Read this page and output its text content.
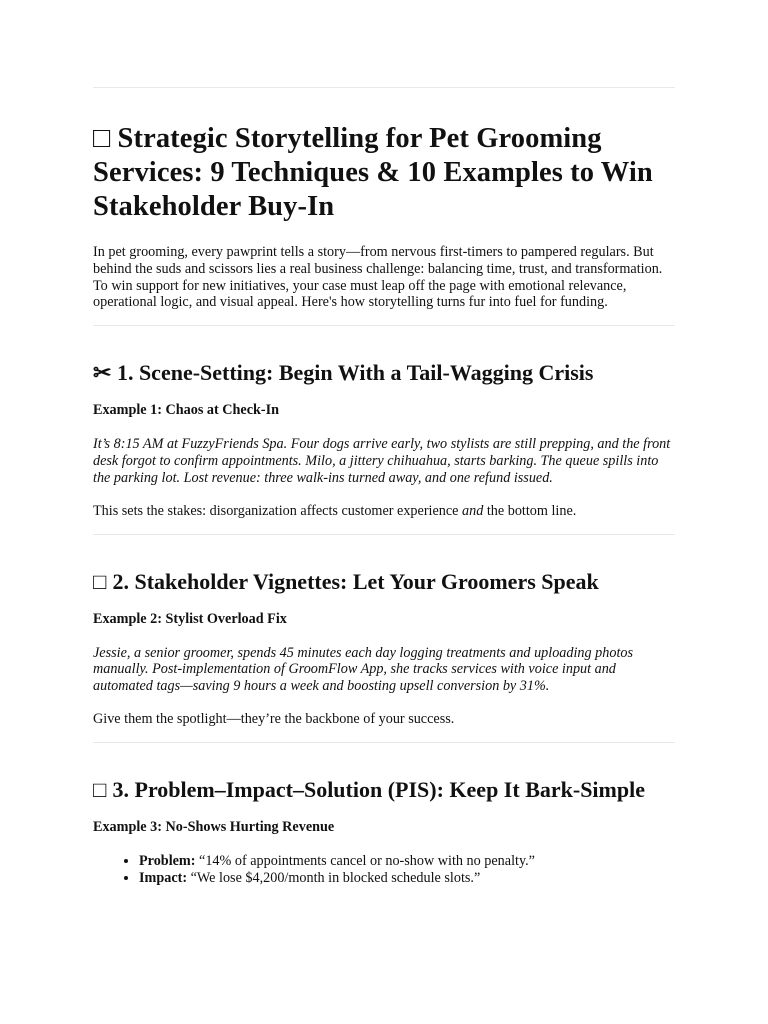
□ Strategic Storytelling for Pet Grooming Services: 9 Techniques & 10 Examples to Win Stakeholder Buy-In

In pet grooming, every pawprint tells a story—from nervous first-timers to pampered regulars. But behind the suds and scissors lies a real business challenge: balancing time, trust, and transformation. To win support for new initiatives, your case must leap off the page with emotional relevance, operational logic, and visual appeal. Here's how storytelling turns fur into fuel for funding.

✂ 1. Scene-Setting: Begin With a Tail-Wagging Crisis

Example 1: Chaos at Check-In

It’s 8:15 AM at FuzzyFriends Spa. Four dogs arrive early, two stylists are still prepping, and the front desk forgot to confirm appointments. Milo, a jittery chihuahua, starts barking. The queue spills into the parking lot. Lost revenue: three walk-ins turned away, and one refund issued.

This sets the stakes: disorganization affects customer experience and the bottom line.

□ 2. Stakeholder Vignettes: Let Your Groomers Speak

Example 2: Stylist Overload Fix

Jessie, a senior groomer, spends 45 minutes each day logging treatments and uploading photos manually. Post-implementation of GroomFlow App, she tracks services with voice input and automated tags—saving 9 hours a week and boosting upsell conversion by 31%.

Give them the spotlight—they’re the backbone of your success.

□ 3. Problem–Impact–Solution (PIS): Keep It Bark-Simple

Example 3: No-Shows Hurting Revenue

• Problem: “14% of appointments cancel or no-show with no penalty.”
• Impact: “We lose $4,200/month in blocked schedule slots.”
